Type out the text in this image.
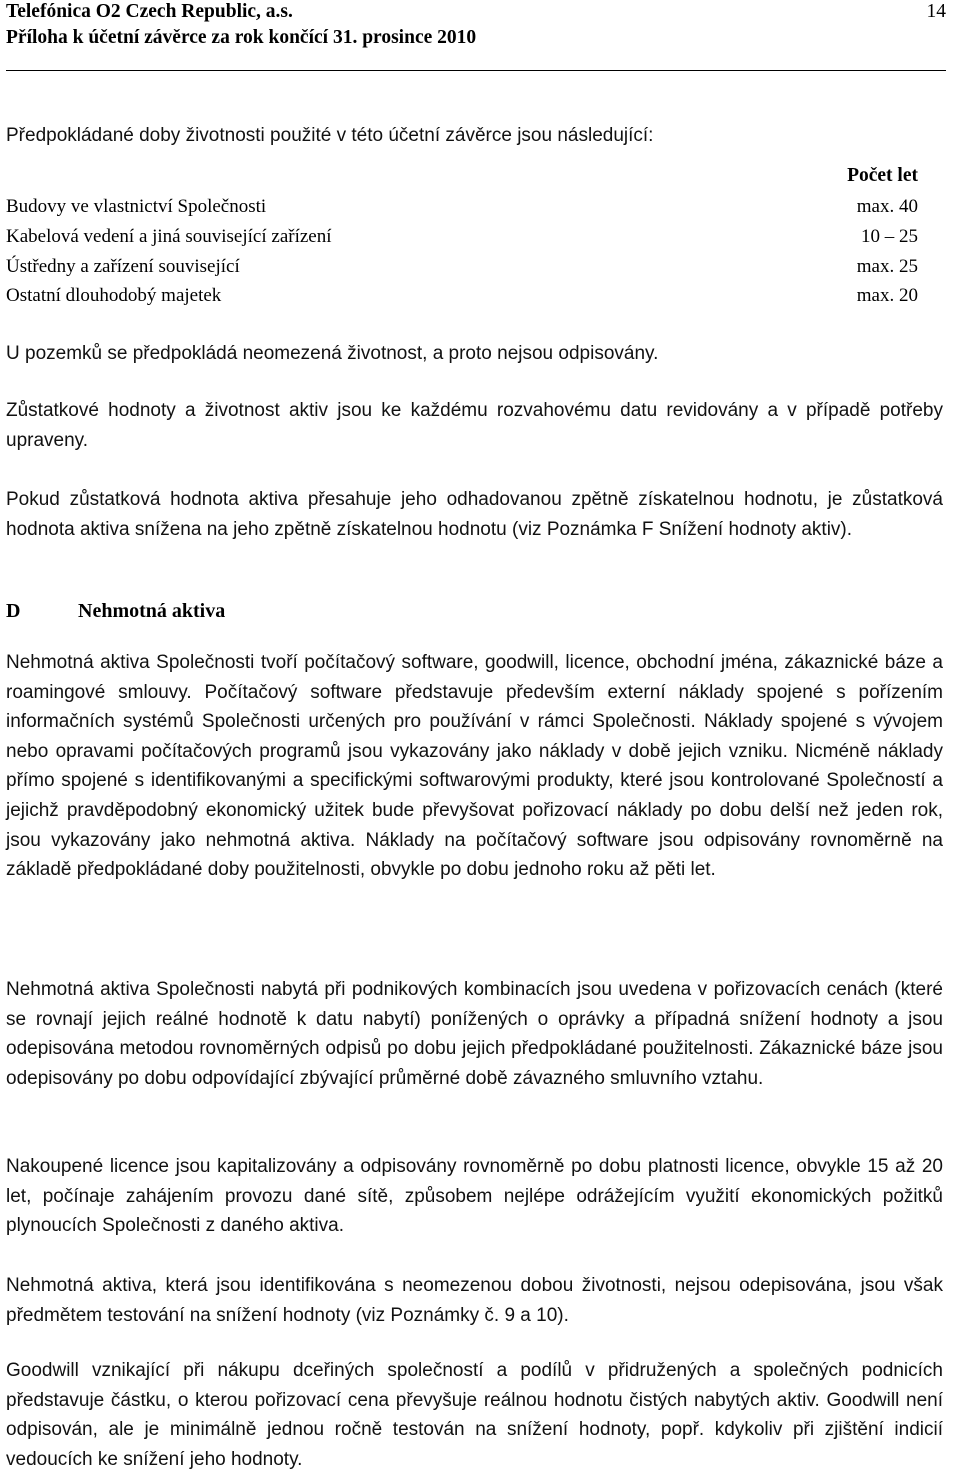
Telefónica O2 Czech Republic, a.s.
Příloha k účetní závěrce za rok končící 31. prosince 2010
14
Předpokládané doby životnosti použité v této účetní závěrce jsou následující:
Počet let
Budovy ve vlastnictví Společnosti	max. 40
Kabelová vedení a jiná související zařízení	10 – 25
Ústředny a zařízení související	max. 25
Ostatní dlouhodobý majetek	max. 20

U pozemků se předpokládá neomezená životnost, a proto nejsou odpisovány.

Zůstatkové hodnoty a životnost aktiv jsou ke každému rozvahovému datu revidovány a v případě potřeby upraveny.

Pokud zůstatková hodnota aktiva přesahuje jeho odhadovanou zpětně získatelnou hodnotu, je zůstatková hodnota aktiva snížena na jeho zpětně získatelnou hodnotu (viz Poznámka F Snížení hodnoty aktiv).

D	Nehmotná aktiva

Nehmotná aktiva Společnosti tvoří počítačový software, goodwill, licence, obchodní jména, zákaznické báze a roamingové smlouvy. Počítačový software představuje především externí náklady spojené s pořízením informačních systémů Společnosti určených pro používání v rámci Společnosti. Náklady spojené s vývojem nebo opravami počítačových programů jsou vykazovány jako náklady v době jejich vzniku. Nicméně náklady přímo spojené s identifikovanými a specifickými softwarovými produkty, které jsou kontrolované Společností a jejichž pravděpodobný ekonomický užitek bude převyšovat pořizovací náklady po dobu delší než jeden rok, jsou vykazovány jako nehmotná aktiva. Náklady na počítačový software jsou odpisovány rovnoměrně na základě předpokládané doby použitelnosti, obvykle po dobu jednoho roku až pěti let.

Nehmotná aktiva Společnosti nabytá při podnikových kombinacích jsou uvedena v pořizovacích cenách (které se rovnají jejich reálné hodnotě k datu nabytí) ponížených o oprávky a případná snížení hodnoty a jsou odepisována metodou rovnoměrných odpisů po dobu jejich předpokládané použitelnosti. Zákaznické báze jsou odepisovány po dobu odpovídající zbývající průměrné době závazného smluvního vztahu.

Nakoupené licence jsou kapitalizovány a odpisovány rovnoměrně po dobu platnosti licence, obvykle 15 až 20 let, počínaje zahájením provozu dané sítě, způsobem nejlépe odrážejícím využití ekonomických požitků plynoucích Společnosti z daného aktiva.

Nehmotná aktiva, která jsou identifikována s neomezenou dobou životnosti, nejsou odepisována, jsou však předmětem testování na snížení hodnoty (viz Poznámky č. 9 a 10).

Goodwill vznikající při nákupu dceřiných společností a podílů v přidružených a společných podnicích představuje částku, o kterou pořizovací cena převyšuje reálnou hodnotu čistých nabytých aktiv. Goodwill není odpisován, ale je minimálně jednou ročně testován na snížení hodnoty, popř. kdykoliv při zjištění indicií vedoucích ke snížení jeho hodnoty.
